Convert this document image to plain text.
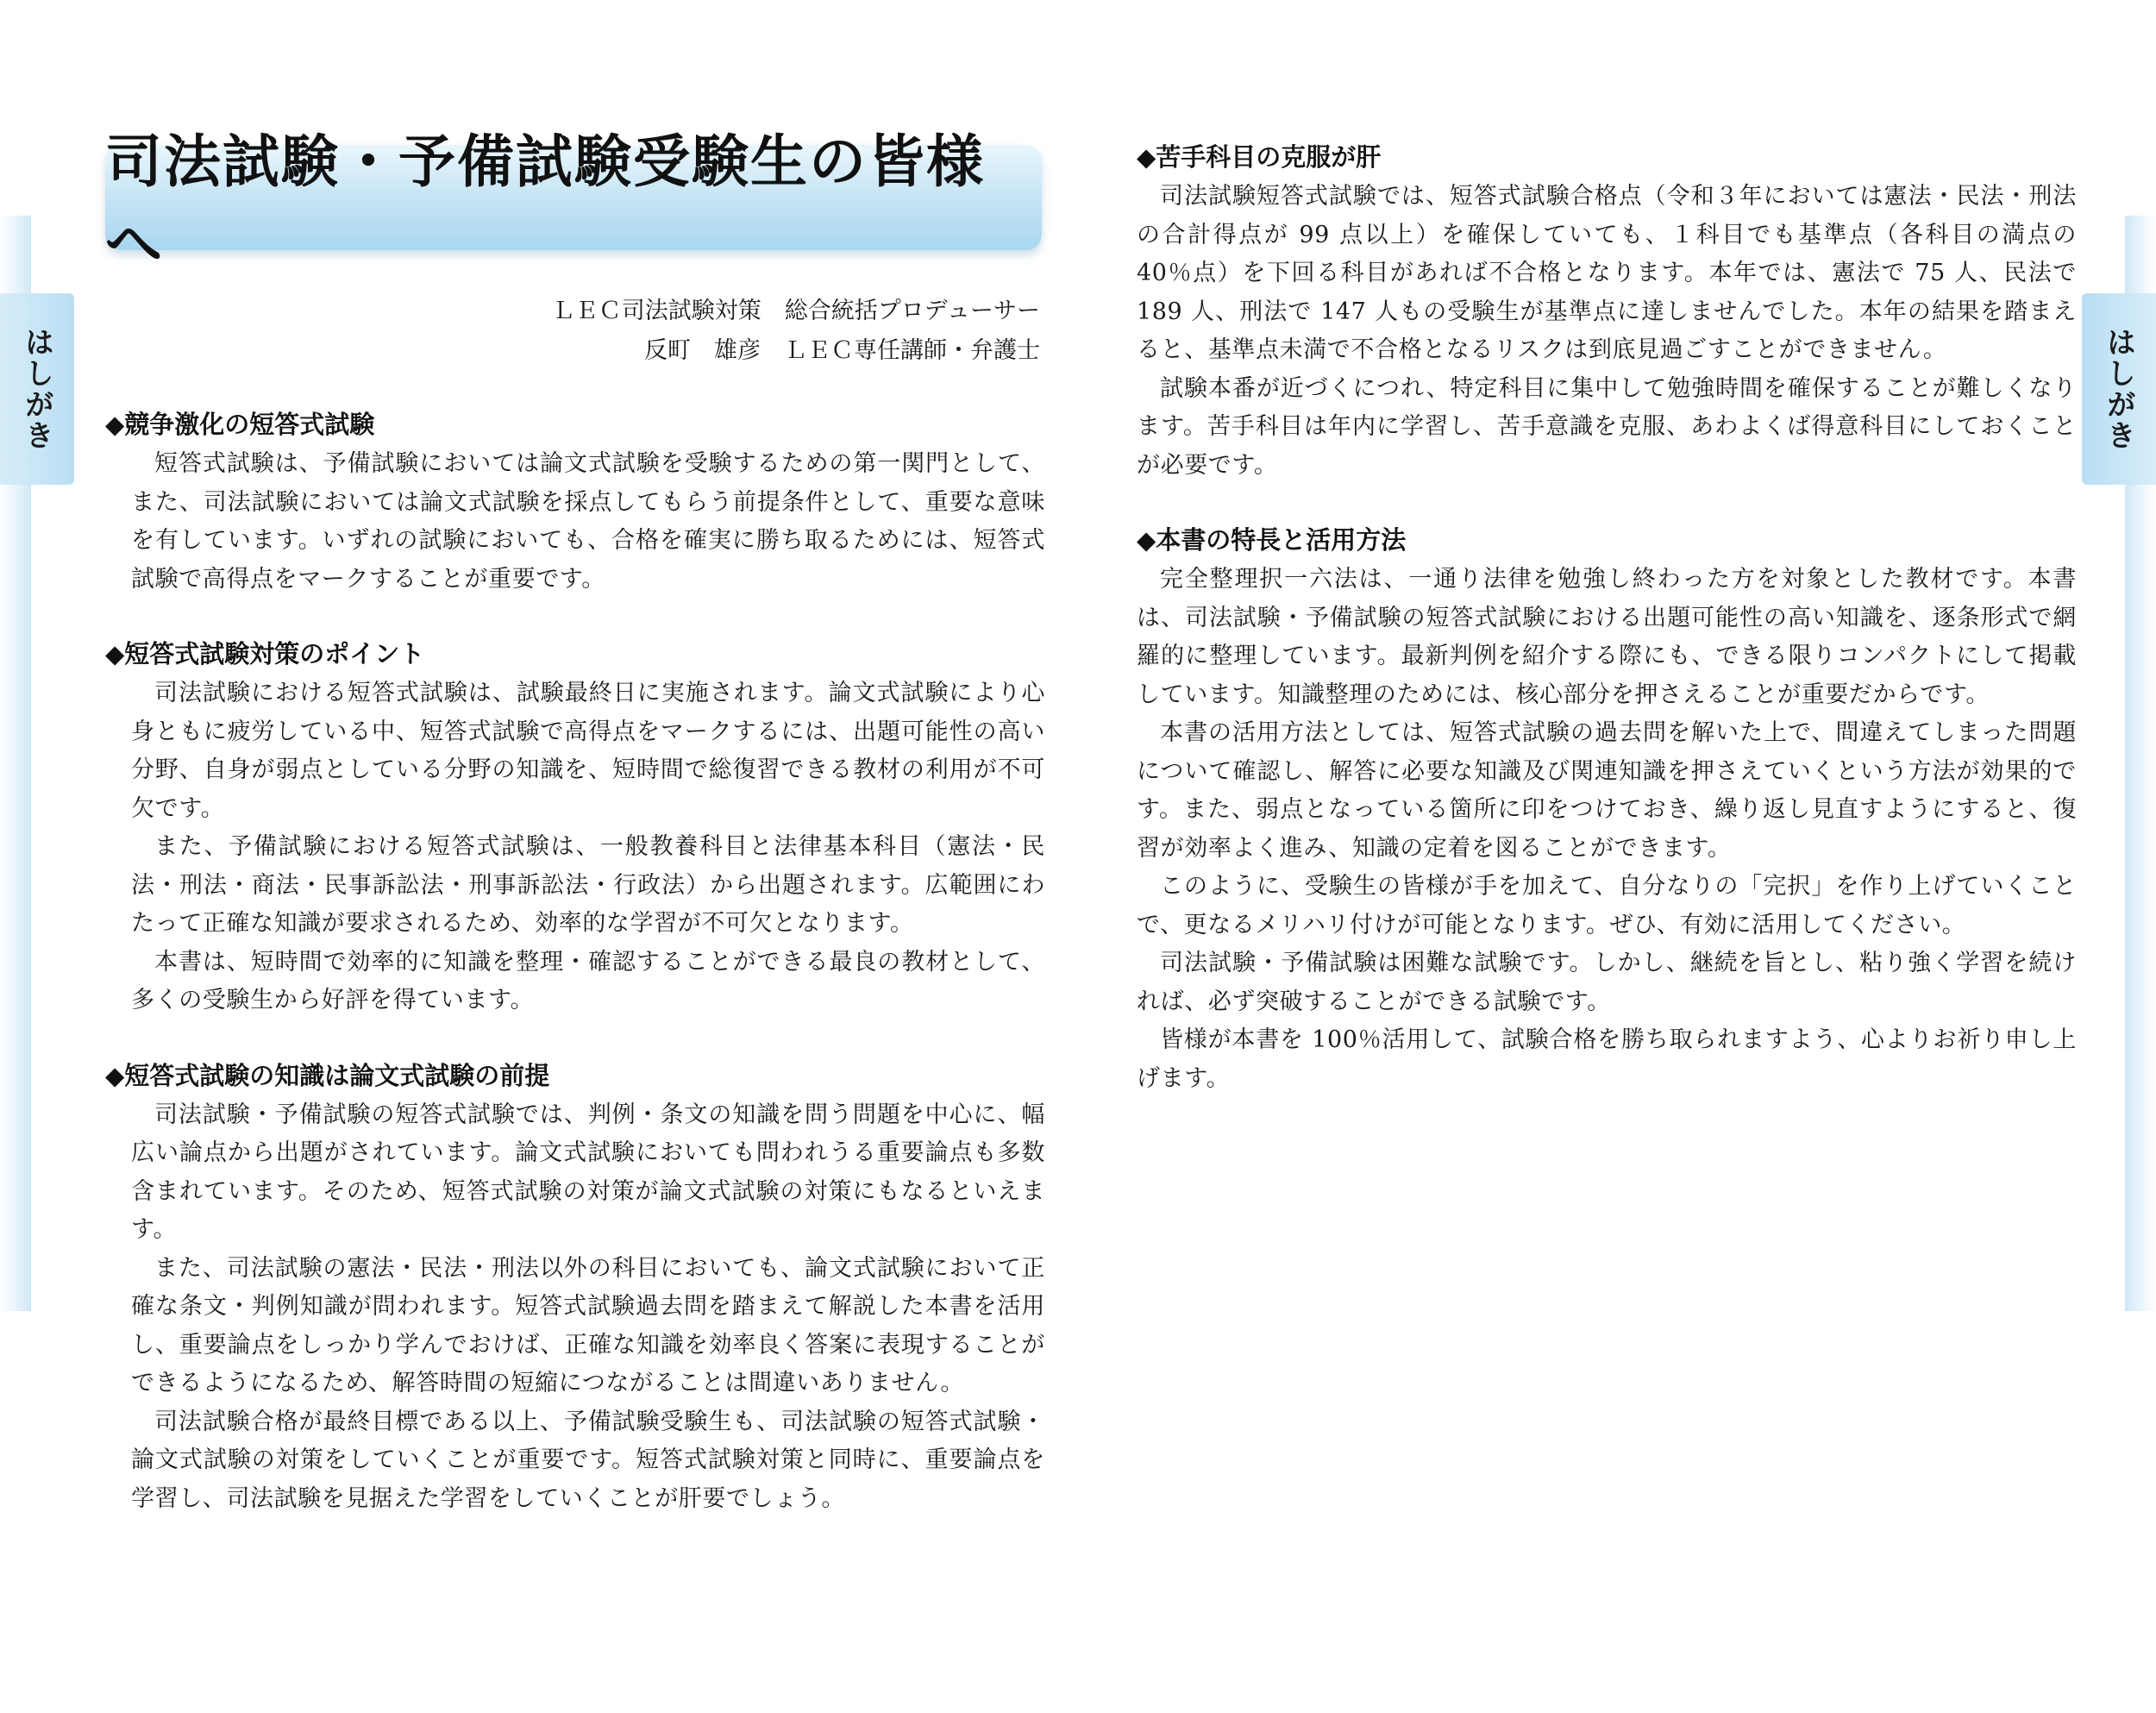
はしがき	はしがき
司法試験・予備試験受験生の皆様へ
ＬＥＣ司法試験対策　総合統括プロデューサー
反町　雄彦　ＬＥＣ専任講師・弁護士
◆競争激化の短答式試験

短答式試験は、予備試験においては論文式試験を受験するための第一関門として、また、司法試験においては論文式試験を採点してもらう前提条件として、重要な意味を有しています。いずれの試験においても、合格を確実に勝ち取るためには、短答式試験で高得点をマークすることが重要です。

◆短答式試験対策のポイント

司法試験における短答式試験は、試験最終日に実施されます。論文式試験により心身ともに疲労している中、短答式試験で高得点をマークするには、出題可能性の高い分野、自身が弱点としている分野の知識を、短時間で総復習できる教材の利用が不可欠です。

また、予備試験における短答式試験は、一般教養科目と法律基本科目（憲法・民法・刑法・商法・民事訴訟法・刑事訴訟法・行政法）から出題されます。広範囲にわたって正確な知識が要求されるため、効率的な学習が不可欠となります。

本書は、短時間で効率的に知識を整理・確認することができる最良の教材として、多くの受験生から好評を得ています。

◆短答式試験の知識は論文式試験の前提

司法試験・予備試験の短答式試験では、判例・条文の知識を問う問題を中心に、幅広い論点から出題がされています。論文式試験においても問われうる重要論点も多数含まれています。そのため、短答式試験の対策が論文式試験の対策にもなるといえます。

また、司法試験の憲法・民法・刑法以外の科目においても、論文式試験において正確な条文・判例知識が問われます。短答式試験過去問を踏まえて解説した本書を活用し、重要論点をしっかり学んでおけば、正確な知識を効率良く答案に表現することができるようになるため、解答時間の短縮につながることは間違いありません。

司法試験合格が最終目標である以上、予備試験受験生も、司法試験の短答式試験・論文式試験の対策をしていくことが重要です。短答式試験対策と同時に、重要論点を学習し、司法試験を見据えた学習をしていくことが肝要でしょう。

◆苦手科目の克服が肝

司法試験短答式試験では、短答式試験合格点（令和３年においては憲法・民法・刑法の合計得点が 99 点以上）を確保していても、１科目でも基準点（各科目の満点の 40％点）を下回る科目があれば不合格となります。本年では、憲法で 75 人、民法で 189 人、刑法で 147 人もの受験生が基準点に達しませんでした。本年の結果を踏まえると、基準点未満で不合格となるリスクは到底見過ごすことができません。

試験本番が近づくにつれ、特定科目に集中して勉強時間を確保することが難しくなります。苦手科目は年内に学習し、苦手意識を克服、あわよくば得意科目にしておくことが必要です。

◆本書の特長と活用方法

完全整理択一六法は、一通り法律を勉強し終わった方を対象とした教材です。本書は、司法試験・予備試験の短答式試験における出題可能性の高い知識を、逐条形式で網羅的に整理しています。最新判例を紹介する際にも、できる限りコンパクトにして掲載しています。知識整理のためには、核心部分を押さえることが重要だからです。

本書の活用方法としては、短答式試験の過去問を解いた上で、間違えてしまった問題について確認し、解答に必要な知識及び関連知識を押さえていくという方法が効果的です。また、弱点となっている箇所に印をつけておき、繰り返し見直すようにすると、復習が効率よく進み、知識の定着を図ることができます。

このように、受験生の皆様が手を加えて、自分なりの「完択」を作り上げていくことで、更なるメリハリ付けが可能となります。ぜひ、有効に活用してください。

司法試験・予備試験は困難な試験です。しかし、継続を旨とし、粘り強く学習を続ければ、必ず突破することができる試験です。

皆様が本書を 100％活用して、試験合格を勝ち取られますよう、心よりお祈り申し上げます。
